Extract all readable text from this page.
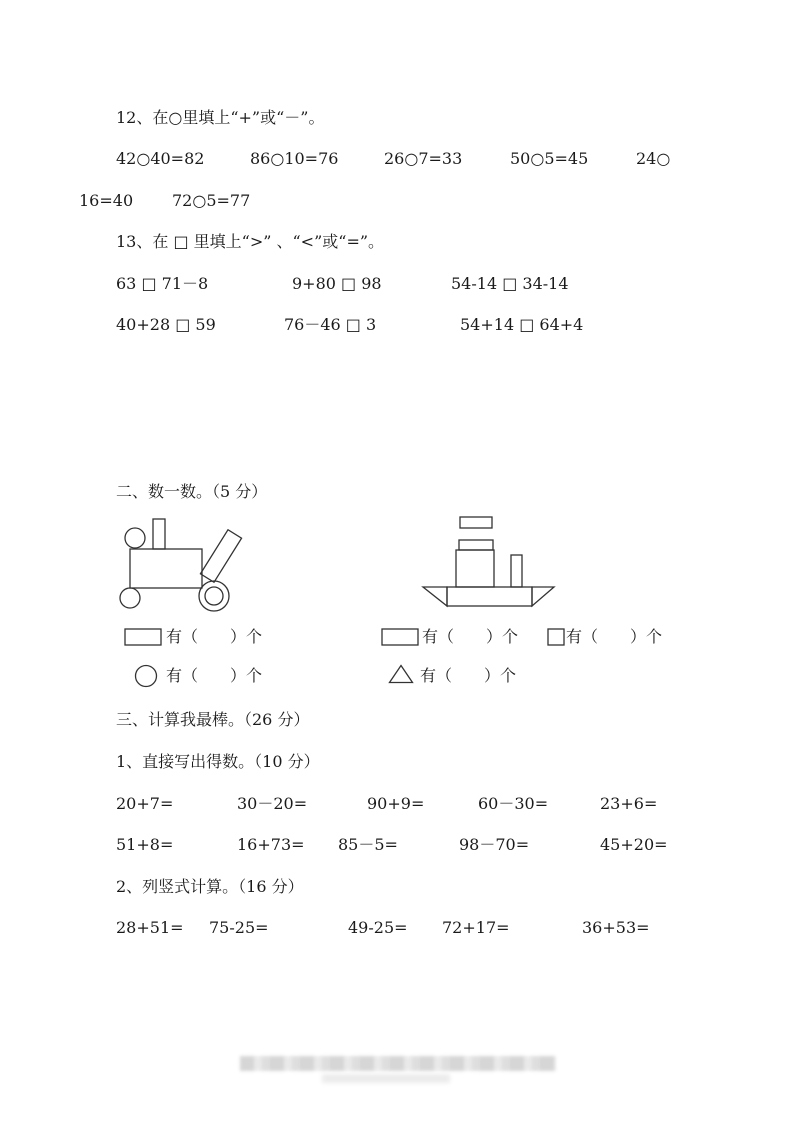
12、在○里填上“+”或“－”。
42○40=82	86○10=76	26○7=33	50○5=45	24○
16=40 72○5=77
13、在 □ 里填上“>” 、“<”或“=”。
63 □ 71－8	9+80 □ 98	54-14 □ 34-14
40+28 □ 59	76－46 □ 3	54+14 □ 64+4
二、数一数。（5 分）
有（　　）个
有（　　）个
有（　　）个	有（　　）个
有（　　）个
三、计算我最棒。（26 分）
1、直接写出得数。（10 分）
20+7=	30－20=	90+9=	60－30=	23+6=
51+8=	16+73= 85－5=	98－70=	45+20=
2、列竖式计算。（16 分）
28+51= 75-25=	49-25= 72+17=	36+53=
